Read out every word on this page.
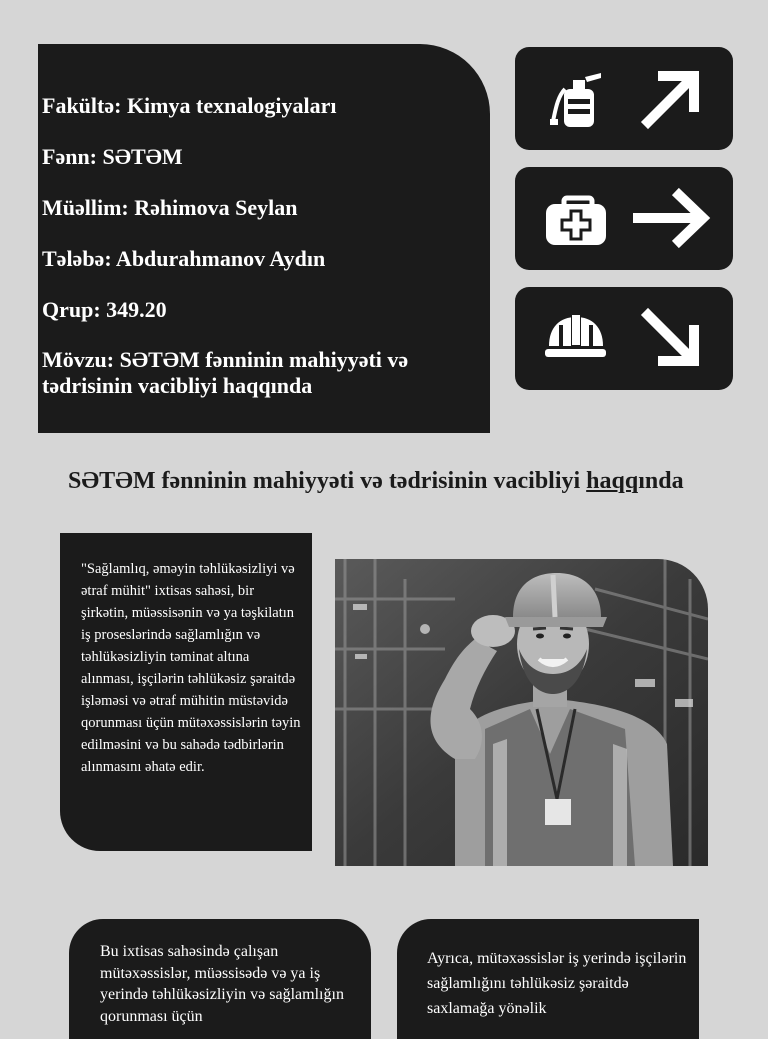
Fakültə: Kimya texnalogiyaları

Fənn: SƏTƏM

Müəllim: Rəhimova Seylan

Tələbə: Abdurahmanov Aydın

Qrup: 349.20

Mövzu: SƏTƏM fənninin mahiyyəti və tədrisinin vacibliyi haqqında

SƏTƏM fənninin mahiyyəti və tədrisinin vacibliyi haqqında

"Sağlamlıq, əməyin təhlükəsizliyi və ətraf mühit" ixtisas sahəsi, bir şirkətin, müəssisənin və ya təşkilatın iş proseslərində sağlamlığın və təhlükəsizliyin təminat altına alınması, işçilərin təhlükəsiz şəraitdə işləməsi və ətraf mühitin müstəvidə qorunması üçün mütəxəssislərin təyin edilməsini və bu sahədə tədbirlərin alınmasını əhatə edir.

Bu ixtisas sahəsində çalışan mütəxəssislər, müəssisədə və ya iş yerində təhlükəsizliyin və sağlamlığın qorunması üçün

Ayrıca, mütəxəssislər iş yerində işçilərin sağlamlığını təhlükəsiz şəraitdə saxlamağa yönəlik
